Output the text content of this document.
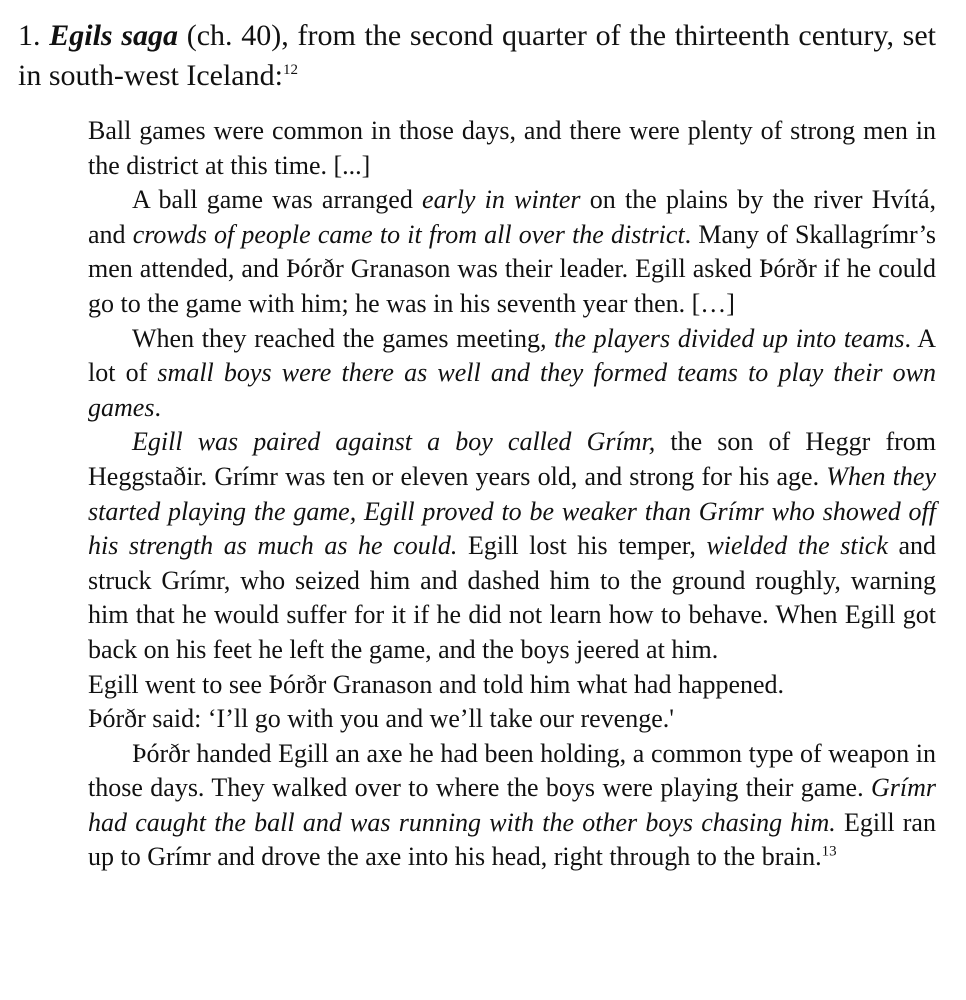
1. Egils saga (ch. 40), from the second quarter of the thirteenth century, set in south-west Iceland:$^{12}$

Ball games were common in those days, and there were plenty of strong men in the district at this time. [...]

A ball game was arranged early in winter on the plains by the river Hvítá, and crowds of people came to it from all over the district. Many of Skallagrímr’s men attended, and Þórðr Granason was their leader. Egill asked Þórðr if he could go to the game with him; he was in his seventh year then. […]

When they reached the games meeting, the players divided up into teams. A lot of small boys were there as well and they formed teams to play their own games.

Egill was paired against a boy called Grímr, the son of Heggr from Heggstaðir. Grímr was ten or eleven years old, and strong for his age. When they started playing the game, Egill proved to be weaker than Grímr who showed off his strength as much as he could. Egill lost his temper, wielded the stick and struck Grímr, who seized him and dashed him to the ground roughly, warning him that he would suffer for it if he did not learn how to behave. When Egill got back on his feet he left the game, and the boys jeered at him.

Egill went to see Þórðr Granason and told him what had happened.

Þórðr said: ‘I’ll go with you and we’ll take our revenge.'

Þórðr handed Egill an axe he had been holding, a common type of weapon in those days. They walked over to where the boys were playing their game. Grímr had caught the ball and was running with the other boys chasing him. Egill ran up to Grímr and drove the axe into his head, right through to the brain.$^{13}$
